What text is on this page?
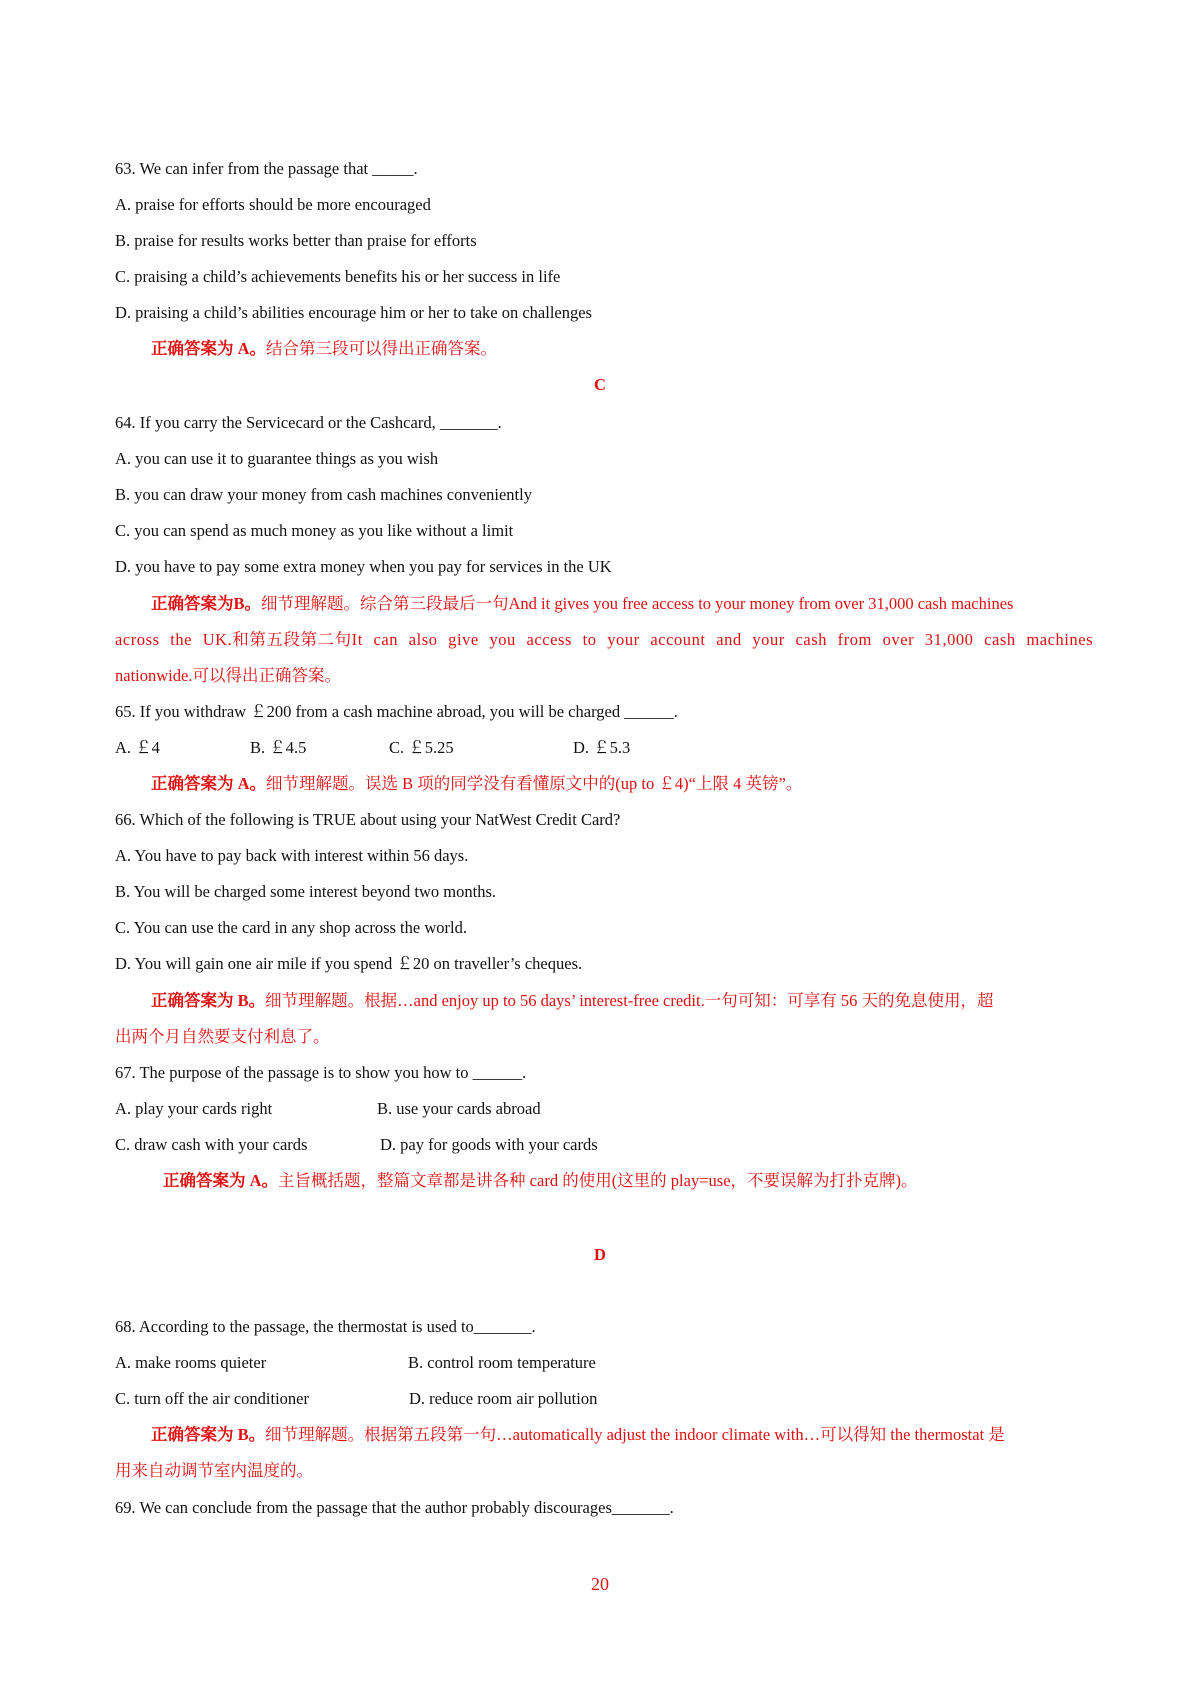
63. We can infer from the passage that _____.
A. praise for efforts should be more encouraged
B. praise for results works better than praise for efforts
C. praising a child’s achievements benefits his or her success in life
D. praising a child’s abilities encourage him or her to take on challenges
正确答案为 A。结合第三段可以得出正确答案。
C
64. If you carry the Servicecard or the Cashcard, _______.
A. you can use it to guarantee things as you wish
B. you can draw your money from cash machines conveniently
C. you can spend as much money as you like without a limit
D. you have to pay some extra money when you pay for services in the UK
正确答案为B。细节理解题。综合第三段最后一句And it gives you free access to your money from over 31,000 cash machines
across the UK.和第五段第二句It can also give you access to your account and your cash from over 31,000 cash machines
nationwide.可以得出正确答案。
65. If you withdraw ￡200 from a cash machine abroad, you will be charged ______.
A. ￡4	B. ￡4.5	C. ￡5.25	D. ￡5.3
正确答案为 A。细节理解题。误选 B 项的同学没有看懂原文中的(up to ￡4)“上限 4 英镑”。
66. Which of the following is TRUE about using your NatWest Credit Card?
A. You have to pay back with interest within 56 days.
B. You will be charged some interest beyond two months.
C. You can use the card in any shop across the world.
D. You will gain one air mile if you spend ￡20 on traveller’s cheques.
正确答案为 B。细节理解题。根据…and enjoy up to 56 days’ interest-free credit.一句可知：可享有 56 天的免息使用，超
出两个月自然要支付利息了。
67. The purpose of the passage is to show you how to ______.
A. play your cards right	B. use your cards abroad
C. draw cash with your cards	D. pay for goods with your cards
正确答案为 A。主旨概括题，整篇文章都是讲各种 card 的使用(这里的 play=use，不要误解为打扑克牌)。
D
68. According to the passage, the thermostat is used to_______.
A. make rooms quieter	B. control room temperature
C. turn off the air conditioner	D. reduce room air pollution
正确答案为 B。细节理解题。根据第五段第一句…automatically adjust the indoor climate with…可以得知 the thermostat 是
用来自动调节室内温度的。
69. We can conclude from the passage that the author probably discourages_______.
20
